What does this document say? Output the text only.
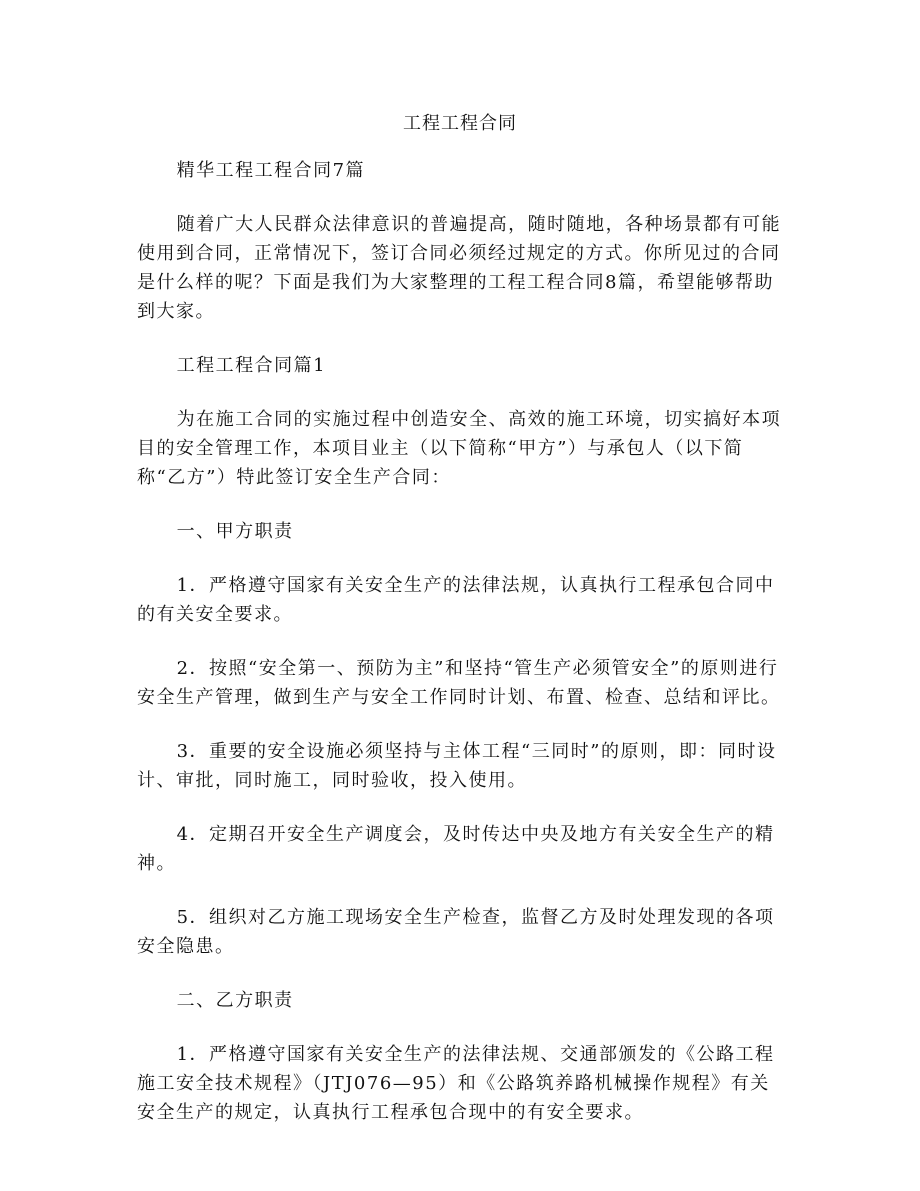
工程工程合同

精华工程工程合同7篇

随着广大人民群众法律意识的普遍提高，随时随地，各种场景都有可能使用到合同，正常情况下，签订合同必须经过规定的方式。你所见过的合同是什么样的呢？下面是我们为大家整理的工程工程合同8篇，希望能够帮助到大家。

工程工程合同篇1

为在施工合同的实施过程中创造安全、高效的施工环境，切实搞好本项目的安全管理工作，本项目业主（以下简称“甲方”）与承包人（以下简称“乙方”）特此签订安全生产合同：

一、甲方职责

1．严格遵守国家有关安全生产的法律法规，认真执行工程承包合同中的有关安全要求。

2．按照“安全第一、预防为主”和坚持“管生产必须管安全”的原则进行安全生产管理，做到生产与安全工作同时计划、布置、检查、总结和评比。

3．重要的安全设施必须坚持与主体工程“三同时”的原则，即：同时设计、审批，同时施工，同时验收，投入使用。

4．定期召开安全生产调度会，及时传达中央及地方有关安全生产的精神。

5．组织对乙方施工现场安全生产检查，监督乙方及时处理发现的各项安全隐患。

二、乙方职责

1．严格遵守国家有关安全生产的法律法规、交通部颁发的《公路工程施工安全技术规程》（JTJ076—95）和《公路筑养路机械操作规程》有关安全生产的规定，认真执行工程承包合现中的有安全要求。
